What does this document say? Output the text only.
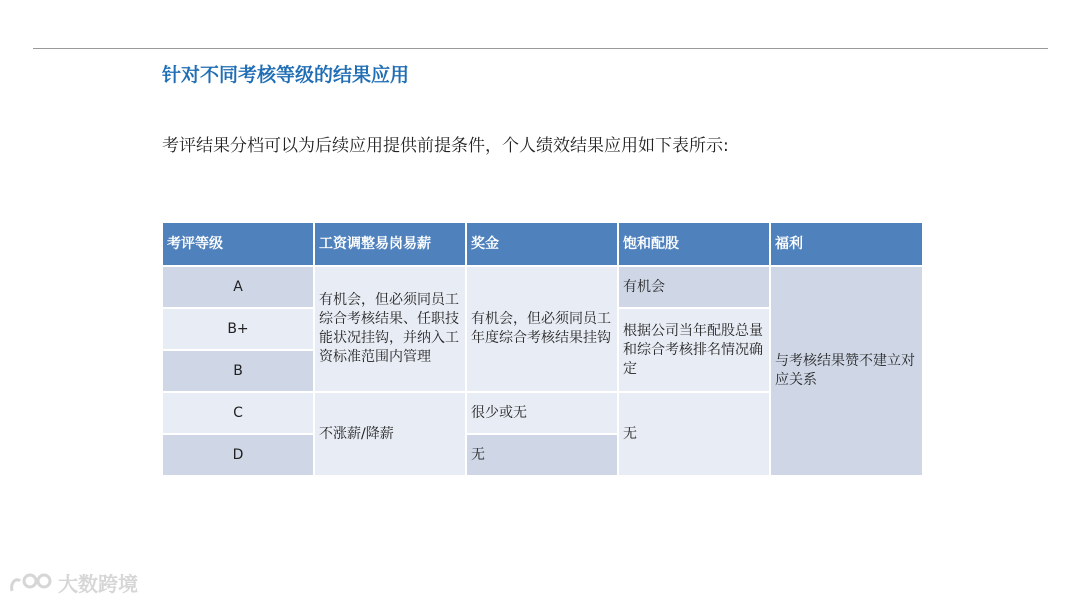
针对不同考核等级的结果应用
考评结果分档可以为后续应用提供前提条件，个人绩效结果应用如下表所示:
考评等级	工资调整易岗易薪	奖金	饱和配股	福利
A	有机会，但必须同员工综合考核结果、任职技能状况挂钩，并纳入工资标准范围内管理	有机会，但必须同员工年度综合考核结果挂钩	有机会	与考核结果赞不建立对应关系
B+			根据公司当年配股总量和综合考核排名情况确定	
B				
C	不涨薪/降薪	很少或无	无	
D		无		
大数跨境
